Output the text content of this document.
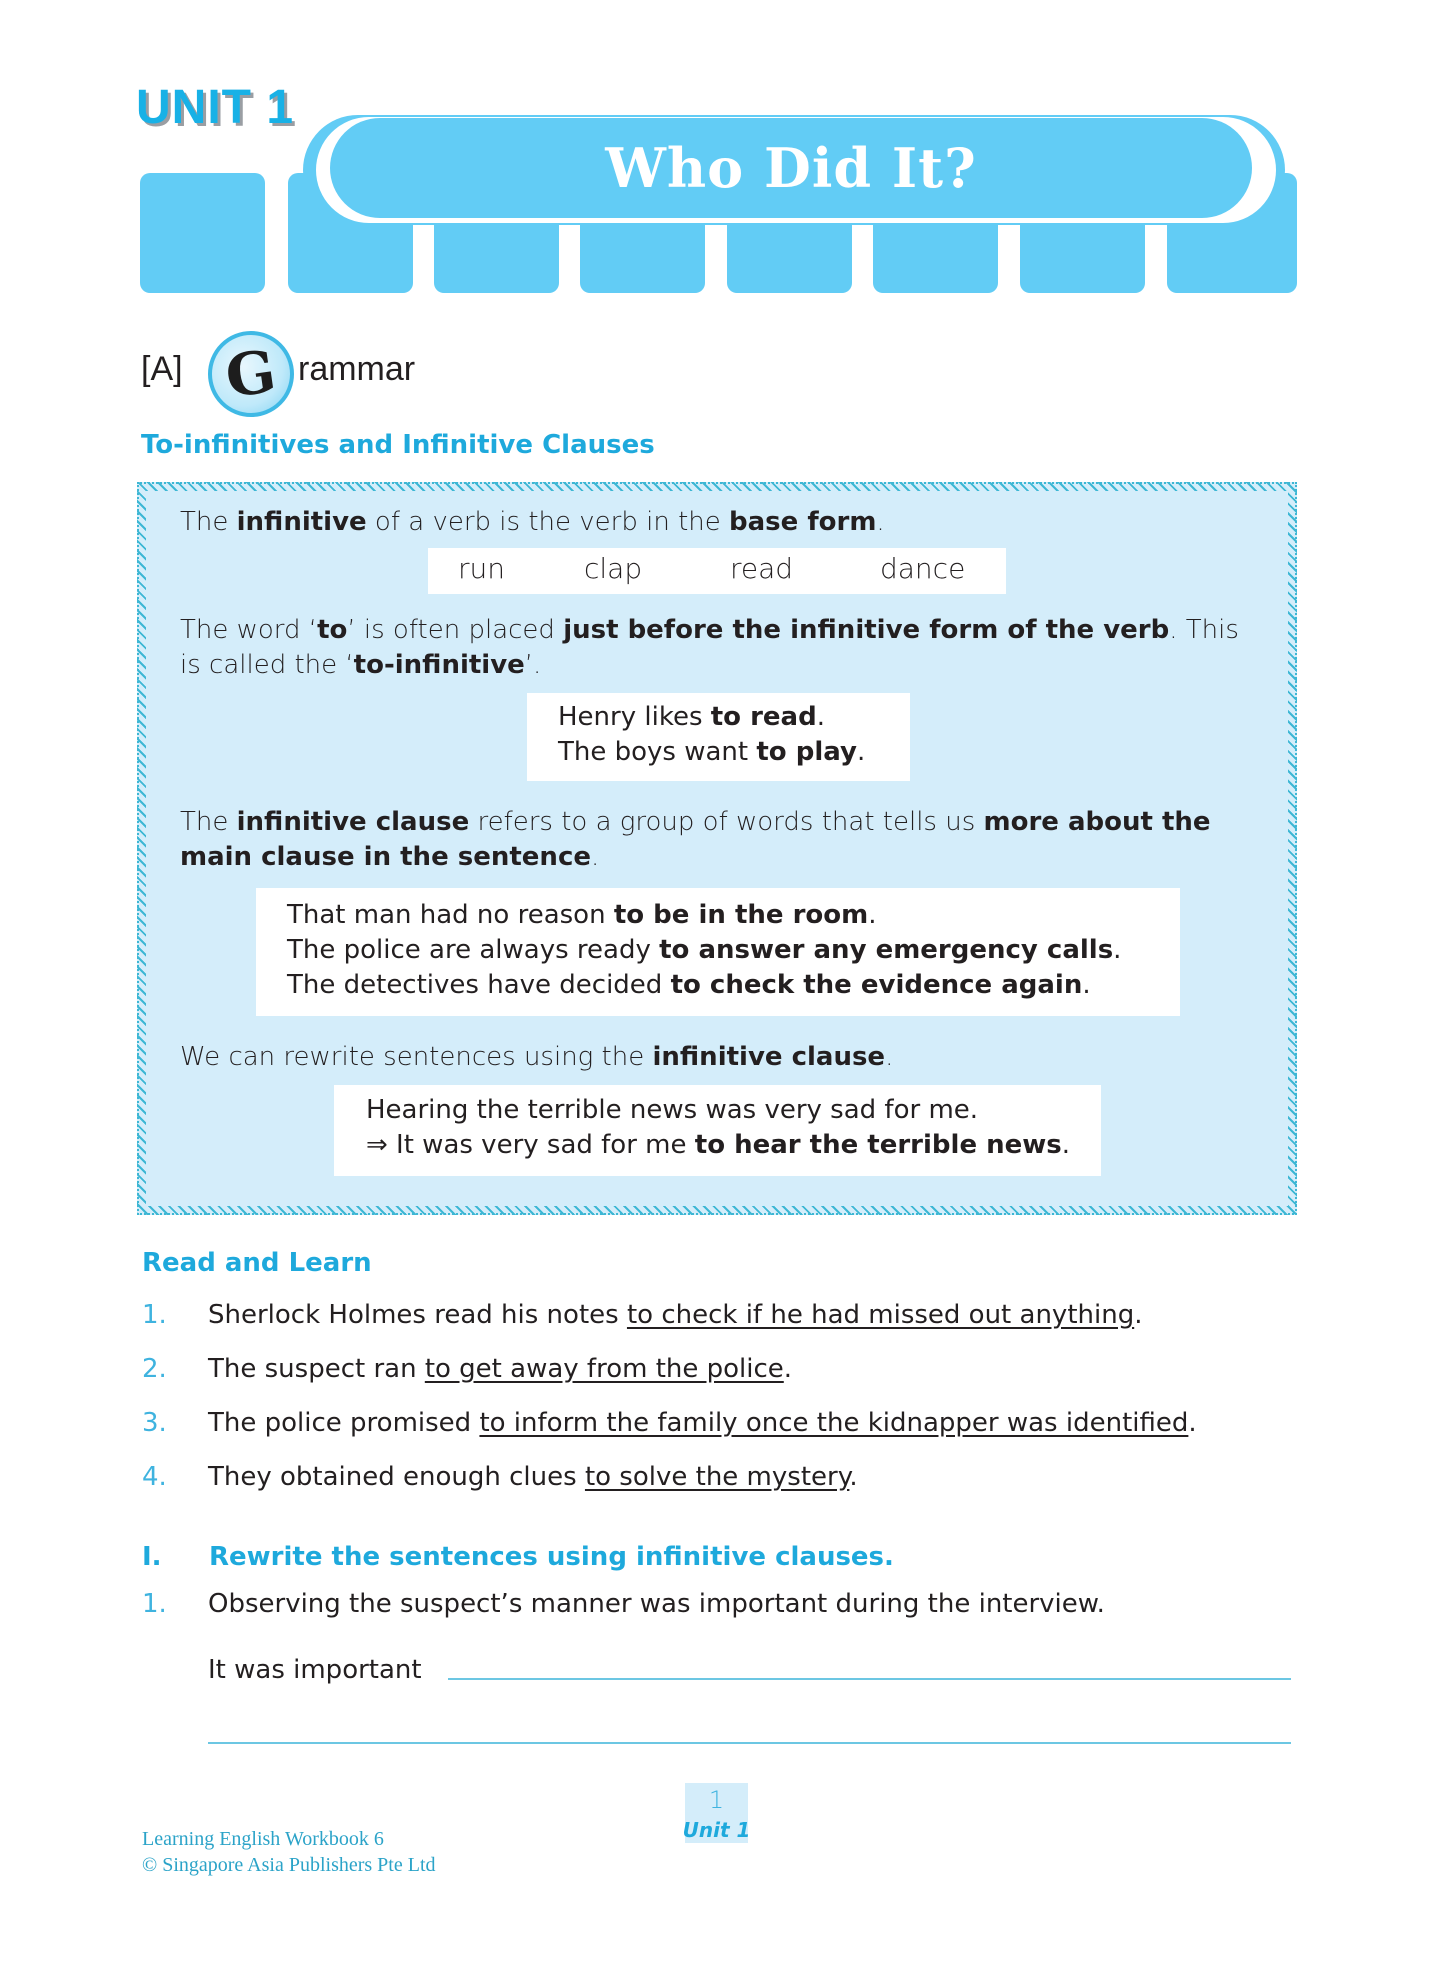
UNIT 1
Who Did It?
[A] G rammar
To-infinitives and Infinitive Clauses
The infinitive of a verb is the verb in the base form.
run	clap	read	dance
The word ‘to’ is often placed just before the infinitive form of the verb. This is called the ‘to-infinitive’.
Henry likes to read.
The boys want to play.
The infinitive clause refers to a group of words that tells us more about the main clause in the sentence.
That man had no reason to be in the room.
The police are always ready to answer any emergency calls.
The detectives have decided to check the evidence again.
We can rewrite sentences using the infinitive clause.
Hearing the terrible news was very sad for me.
⇒ It was very sad for me to hear the terrible news.
Read and Learn
1. Sherlock Holmes read his notes to check if he had missed out anything.
2. The suspect ran to get away from the police.
3. The police promised to inform the family once the kidnapper was identified.
4. They obtained enough clues to solve the mystery.
I. Rewrite the sentences using infinitive clauses.
1. Observing the suspect’s manner was important during the interview.
It was important
Learning English Workbook 6
© Singapore Asia Publishers Pte Ltd
1
Unit 1
